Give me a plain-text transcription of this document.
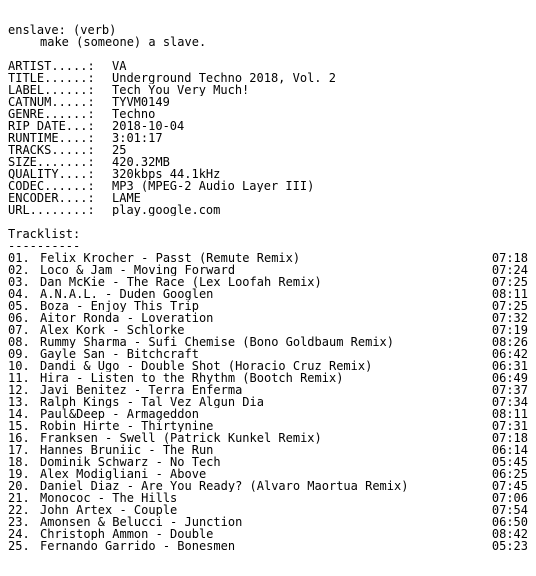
enslave: (verb)
make (someone) a slave.
ARTIST.....: VA
TITLE......: Underground Techno 2018, Vol. 2
LABEL......: Tech You Very Much!
CATNUM.....: TYVM0149
GENRE......: Techno
RIP DATE...: 2018-10-04
RUNTIME....: 3:01:17
TRACKS.....: 25
SIZE.......: 420.32MB
QUALITY....: 320kbps 44.1kHz
CODEC......: MP3 (MPEG-2 Audio Layer III)
ENCODER....: LAME
URL........: play.google.com
Tracklist:
----------
01. Felix Krocher - Passt (Remute Remix)	07:18
02. Loco & Jam - Moving Forward	07:24
03. Dan McKie - The Race (Lex Loofah Remix)	07:25
04. A.N.A.L. - Duden Googlen	08:11
05. Boza - Enjoy This Trip	07:25
06. Aitor Ronda - Loveration	07:32
07. Alex Kork - Schlorke	07:19
08. Rummy Sharma - Sufi Chemise (Bono Goldbaum Remix)	08:26
09. Gayle San - Bitchcraft	06:42
10. Dandi & Ugo - Double Shot (Horacio Cruz Remix)	06:31
11. Hira - Listen to the Rhythm (Bootch Remix)	06:49
12. Javi Benitez - Terra Enferma	07:37
13. Ralph Kings - Tal Vez Algun Dia	07:34
14. Paul&Deep - Armageddon	08:11
15. Robin Hirte - Thirtynine	07:31
16. Franksen - Swell (Patrick Kunkel Remix)	07:18
17. Hannes Bruniic - The Run	06:14
18. Dominik Schwarz - No Tech	05:45
19. Alex Modigliani - Above	06:25
20. Daniel Diaz - Are You Ready? (Alvaro Maortua Remix)	07:45
21. Monococ - The Hills	07:06
22. John Artex - Couple	07:54
23. Amonsen & Belucci - Junction	06:50
24. Christoph Ammon - Double	08:42
25. Fernando Garrido - Bonesmen	05:23
